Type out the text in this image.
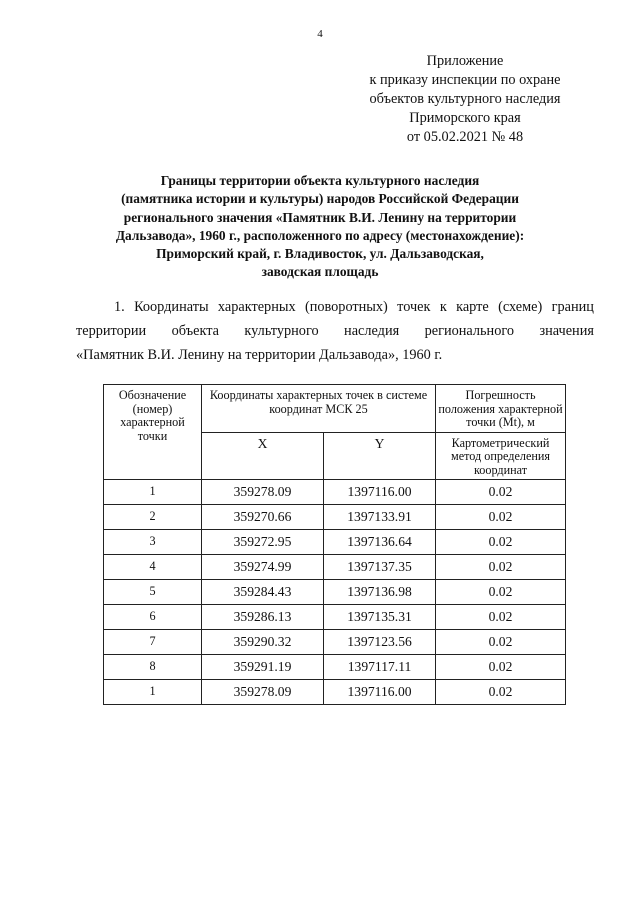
4
Приложение
к приказу инспекции по охране
объектов культурного наследия
Приморского края
от 05.02.2021 № 48
Границы территории объекта культурного наследия
(памятника истории и культуры) народов Российской Федерации
регионального значения «Памятник В.И. Ленину на территории
Дальзавода», 1960 г., расположенного по адресу (местонахождение):
Приморский край, г. Владивосток, ул. Дальзаводская,
заводская площадь
1. Координаты характерных (поворотных) точек к карте (схеме) границ
территории объекта культурного наследия регионального значения
«Памятник В.И. Ленину на территории Дальзавода», 1960 г.
Обозначение (номер) характерной точки	Координаты характерных точек в системе координат МСК 25		Погрешность положения характерной точки (Mt), м
	X	Y	Картометрический метод определения координат
1	359278.09	1397116.00	0.02
2	359270.66	1397133.91	0.02
3	359272.95	1397136.64	0.02
4	359274.99	1397137.35	0.02
5	359284.43	1397136.98	0.02
6	359286.13	1397135.31	0.02
7	359290.32	1397123.56	0.02
8	359291.19	1397117.11	0.02
1	359278.09	1397116.00	0.02
